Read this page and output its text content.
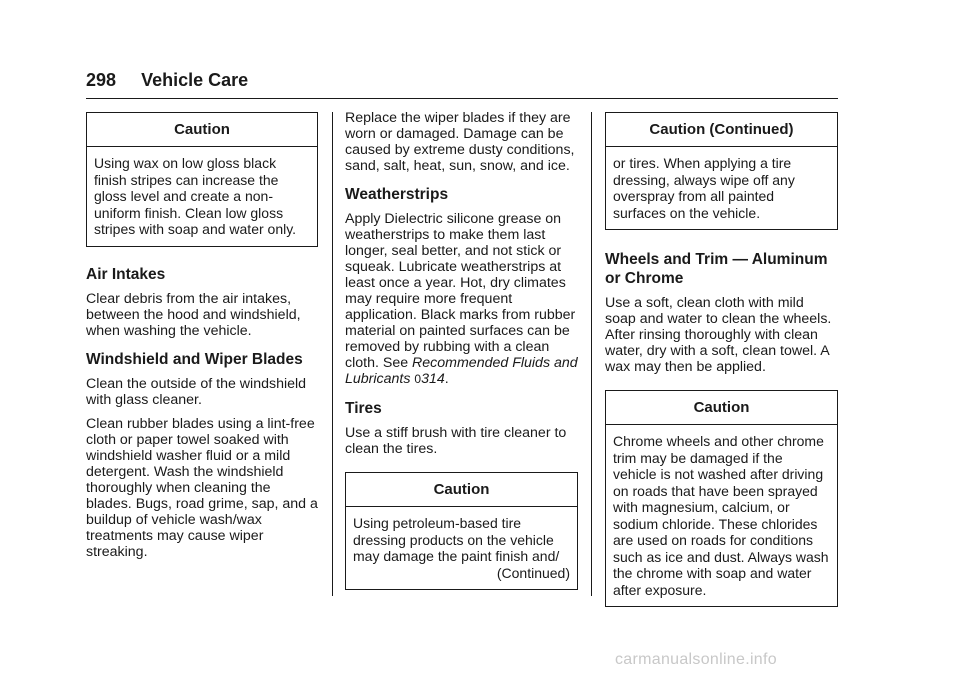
298 Vehicle Care
Caution
Using wax on low gloss black finish stripes can increase the gloss level and create a non-uniform finish. Clean low gloss stripes with soap and water only.
Air Intakes

Clear debris from the air intakes, between the hood and windshield, when washing the vehicle.

Windshield and Wiper Blades

Clean the outside of the windshield with glass cleaner.

Clean rubber blades using a lint-free cloth or paper towel soaked with windshield washer fluid or a mild detergent. Wash the windshield thoroughly when cleaning the blades. Bugs, road grime, sap, and a buildup of vehicle wash/wax treatments may cause wiper streaking.

Replace the wiper blades if they are worn or damaged. Damage can be caused by extreme dusty conditions, sand, salt, heat, sun, snow, and ice.

Weatherstrips

Apply Dielectric silicone grease on weatherstrips to make them last longer, seal better, and not stick or squeak. Lubricate weatherstrips at least once a year. Hot, dry climates may require more frequent application. Black marks from rubber material on painted surfaces can be removed by rubbing with a clean cloth. See Recommended Fluids and Lubricants 0314.

Tires

Use a stiff brush with tire cleaner to clean the tires.

Caution
Using petroleum-based tire dressing products on the vehicle may damage the paint finish and/
(Continued)
Caution (Continued)
or tires. When applying a tire dressing, always wipe off any overspray from all painted surfaces on the vehicle.
Wheels and Trim — Aluminum or Chrome

Use a soft, clean cloth with mild soap and water to clean the wheels. After rinsing thoroughly with clean water, dry with a soft, clean towel. A wax may then be applied.

Caution
Chrome wheels and other chrome trim may be damaged if the vehicle is not washed after driving on roads that have been sprayed with magnesium, calcium, or sodium chloride. These chlorides are used on roads for conditions such as ice and dust. Always wash the chrome with soap and water after exposure.
carmanualsonline.info
